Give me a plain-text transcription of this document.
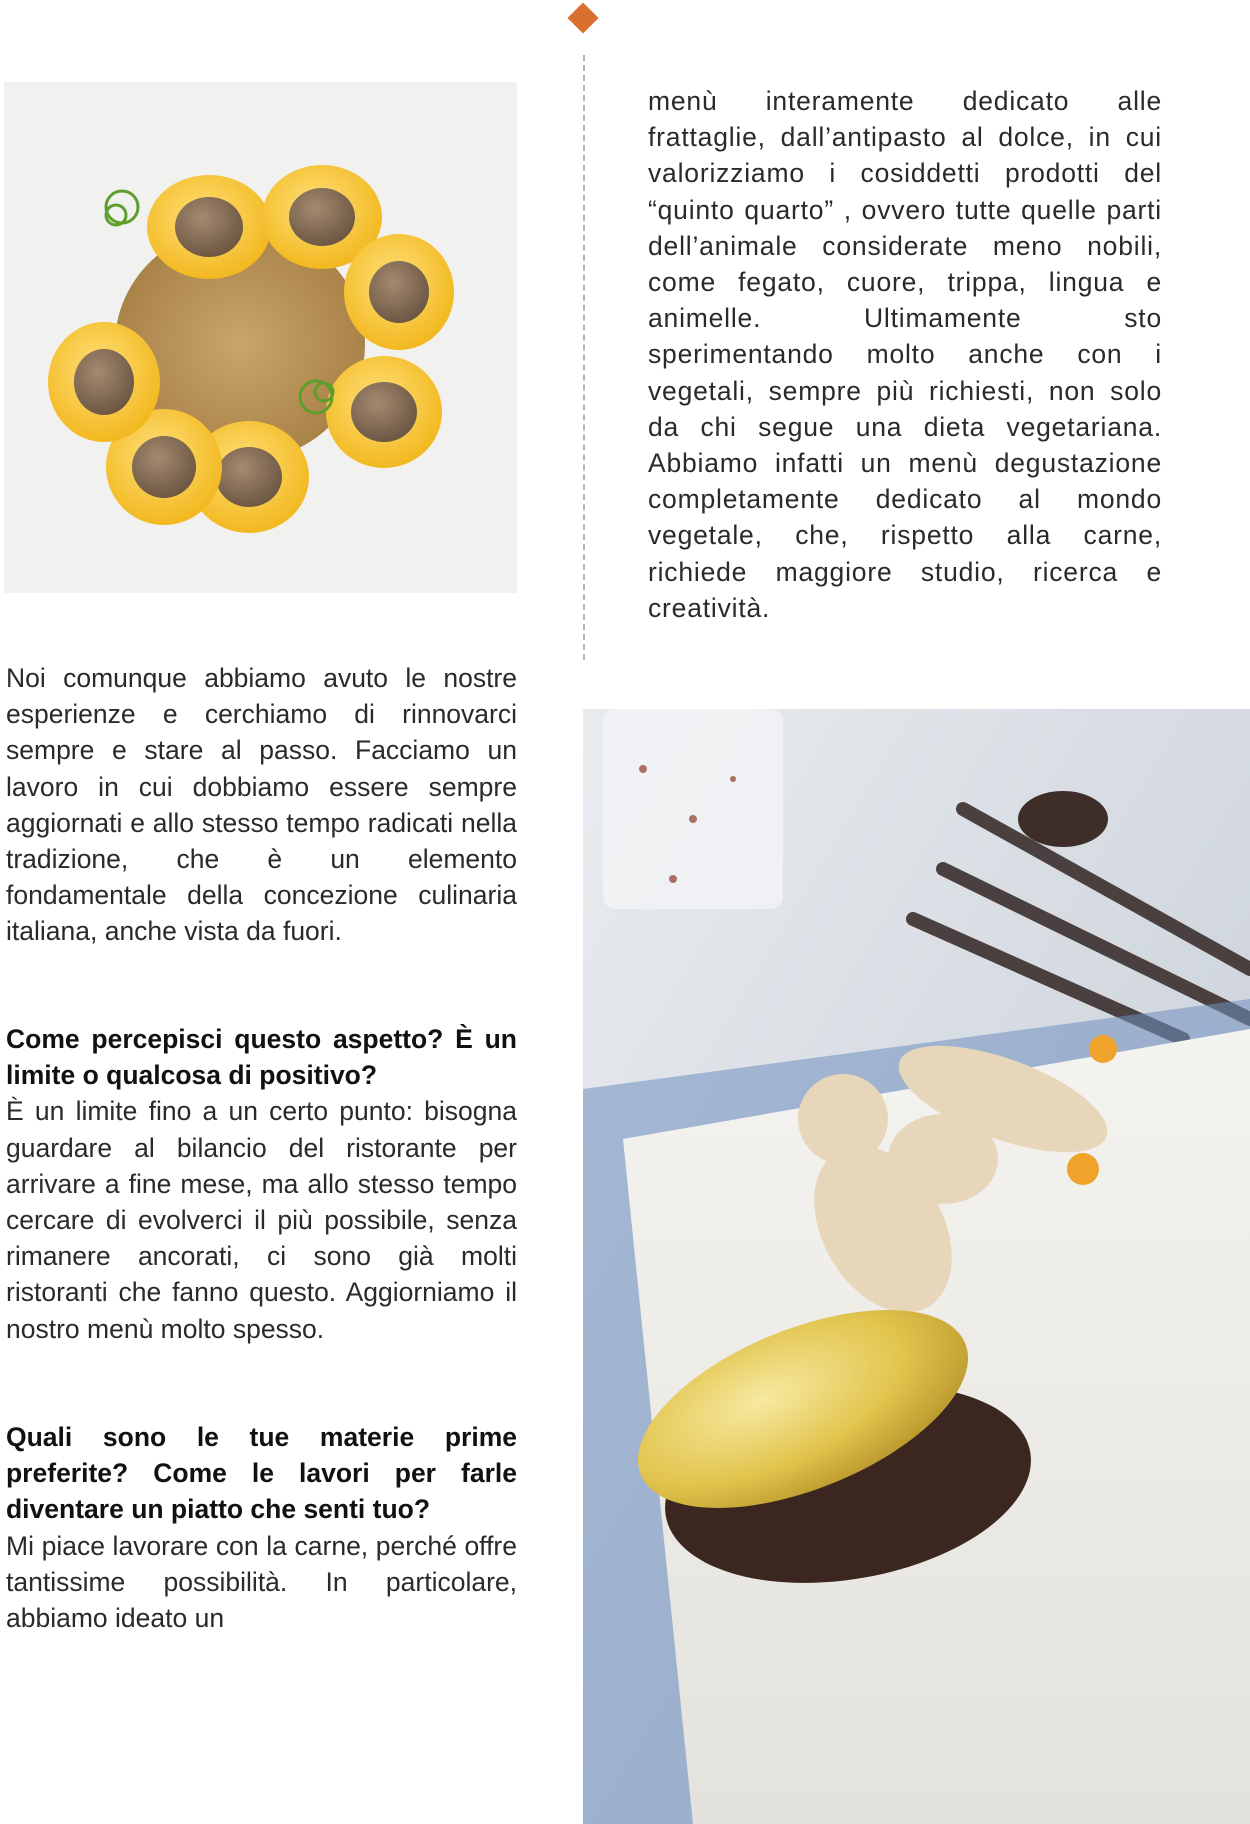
menù interamente dedicato alle frattaglie, dall’antipasto al dolce, in cui valorizziamo i cosiddetti prodotti del “quinto quarto” , ovvero tutte quelle parti dell’animale considerate meno nobili, come fegato, cuore, trippa, lingua e animelle. Ultimamente sto sperimentando molto anche con i vegetali, sempre più richiesti, non solo da chi segue una dieta vegetariana. Abbiamo infatti un menù degustazione completamente dedicato al mondo vegetale, che, rispetto alla carne, richiede maggiore studio, ricerca e creatività.

Noi comunque abbiamo avuto le nostre esperienze e cerchiamo di rinnovarci sempre e stare al passo. Facciamo un lavoro in cui dobbiamo essere sempre aggiornati e allo stesso tempo radicati nella tradizione, che è un elemento fondamentale della concezione culinaria italiana, anche vista da fuori.

Come percepisci questo aspetto? È un limite o qualcosa di positivo?

È un limite fino a un certo punto: bisogna guardare al bilancio del ristorante per arrivare a fine mese, ma allo stesso tempo cercare di evolverci il più possibile, senza rimanere ancorati, ci sono già molti ristoranti che fanno questo. Aggiorniamo il nostro menù molto spesso.

Quali sono le tue materie prime preferite? Come le lavori per farle diventare un piatto che senti tuo?

Mi piace lavorare con la carne, perché offre tantissime possibilità. In particolare, abbiamo ideato un
